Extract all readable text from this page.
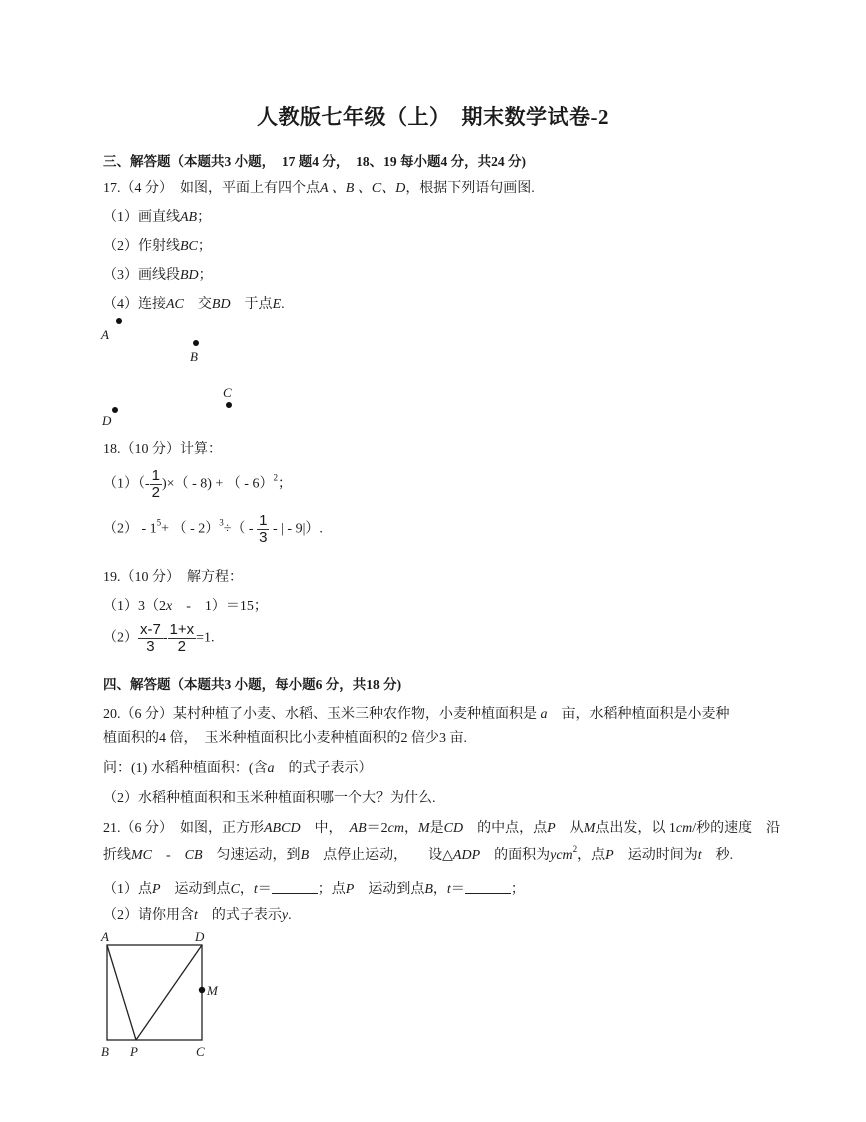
人教版七年级（上）　期末数学试卷-2
三、解答题（本题共3 小题，　17 题4 分，　18、19 每小题4 分，共24 分)
17.（4 分）　如图，平面上有四个点A 、B 、C、D，根据下列语句画图.
（1）画直线AB；
（2）作射线BC；
（3）画线段BD；
（4）连接AC　交BD　于点E.
A
B
C
D
18.（10 分）计算：
$(1)(- \frac{1}{2}$ )×（ - 8) + （ - 6）$^2$；
$(2) - 1^5+$ （ - $2)^3\div( - \frac{1}{3}$ - | - 9|）.
19.（10 分）　解方程：
（1）3（2x　-　1）＝15；
$(2) \frac{x-7}{3} - \frac{1+x}{2} =1$.
四、解答题（本题共3 小题，每小题6 分，共18 分)
20.（6 分）某村种植了小麦、水稻、玉米三种农作物，小麦种植面积是 a　亩，水稻种植面积是小麦种
植面积的4 倍，　玉米种植面积比小麦种植面积的2 倍少3 亩.
问：(1) 水稻种植面积：(含a　的式子表示）
（2）水稻种植面积和玉米种植面积哪一个大？为什么.
21.（6 分）　如图，正方形ABCD　中，　AB＝2cm，M是CD　的中点，点P　从M点出发，以 1cm/秒的速度　沿
折线MC　-　CB　匀速运动，到B　点停止运动，　　设△ADP　的面积为ycm$^2$，点P　运动时间为t　秒.
（1）点P　运动到点C，t＝	；点P　运动到点B，t＝	；
（2）请你用含t　的式子表示y.
A	D
M
B P	C
